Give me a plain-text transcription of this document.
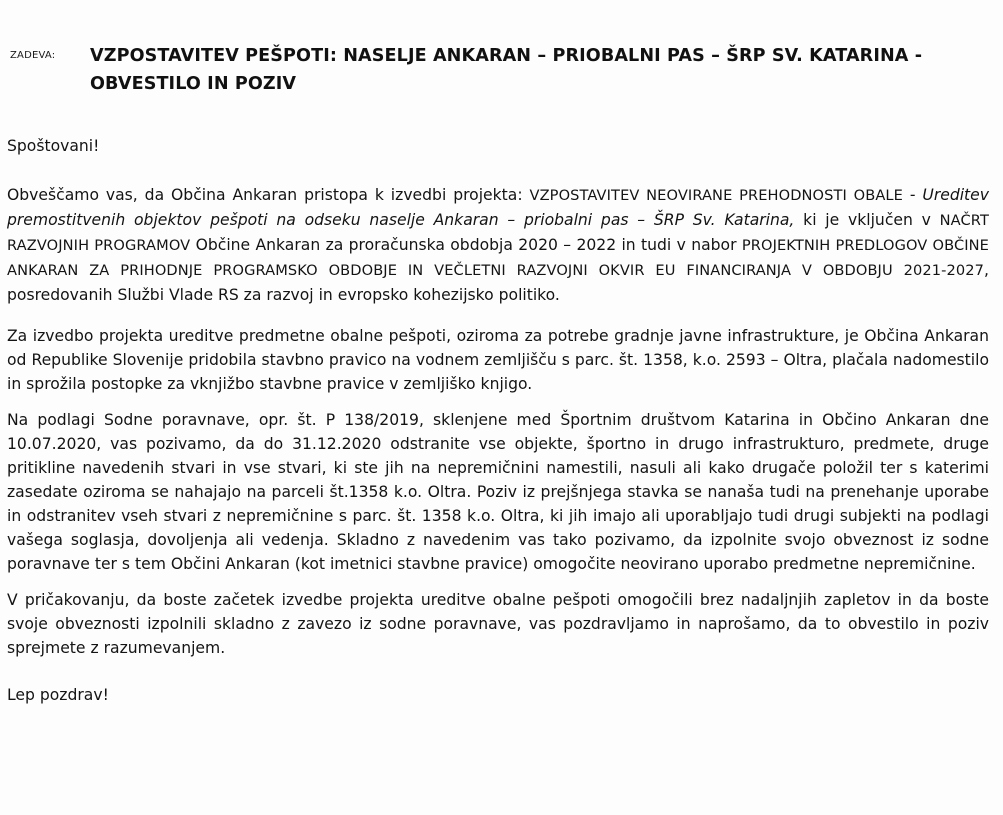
ZADEVA: VZPOSTAVITEV PEŠPOTI: NASELJE ANKARAN – PRIOBALNI PAS – ŠRP SV. KATARINA - OBVESTILO IN POZIV

Spoštovani!

Obveščamo vas, da Občina Ankaran pristopa k izvedbi projekta: VZPOSTAVITEV NEOVIRANE PREHODNOSTI OBALE - Ureditev premostitvenih objektov pešpoti na odseku naselje Ankaran – priobalni pas – ŠRP Sv. Katarina, ki je vključen v NAČRT RAZVOJNIH PROGRAMOV Občine Ankaran za proračunska obdobja 2020 – 2022 in tudi v nabor PROJEKTNIH PREDLOGOV OBČINE ANKARAN ZA PRIHODNJE PROGRAMSKO OBDOBJE IN VEČLETNI RAZVOJNI OKVIR EU FINANCIRANJA V OBDOBJU 2021-2027, posredovanih Službi Vlade RS za razvoj in evropsko kohezijsko politiko.

Za izvedbo projekta ureditve predmetne obalne pešpoti, oziroma za potrebe gradnje javne infrastrukture, je Občina Ankaran od Republike Slovenije pridobila stavbno pravico na vodnem zemljišču s parc. št. 1358, k.o. 2593 – Oltra, plačala nadomestilo in sprožila postopke za vknjižbo stavbne pravice v zemljiško knjigo.

Na podlagi Sodne poravnave, opr. št. P 138/2019, sklenjene med Športnim društvom Katarina in Občino Ankaran dne 10.07.2020, vas pozivamo, da do 31.12.2020 odstranite vse objekte, športno in drugo infrastrukturo, predmete, druge pritikline navedenih stvari in vse stvari, ki ste jih na nepremičnini namestili, nasuli ali kako drugače položil ter s katerimi zasedate oziroma se nahajajo na parceli št.1358 k.o. Oltra. Poziv iz prejšnjega stavka se nanaša tudi na prenehanje uporabe in odstranitev vseh stvari z nepremičnine s parc. št. 1358 k.o. Oltra, ki jih imajo ali uporabljajo tudi drugi subjekti na podlagi vašega soglasja, dovoljenja ali vedenja. Skladno z navedenim vas tako pozivamo, da izpolnite svojo obveznost iz sodne poravnave ter s tem Občini Ankaran (kot imetnici stavbne pravice) omogočite neovirano uporabo predmetne nepremičnine.

V pričakovanju, da boste začetek izvedbe projekta ureditve obalne pešpoti omogočili brez nadaljnjih zapletov in da boste svoje obveznosti izpolnili skladno z zavezo iz sodne poravnave, vas pozdravljamo in naprošamo, da to obvestilo in poziv sprejmete z razumevanjem.

Lep pozdrav!
